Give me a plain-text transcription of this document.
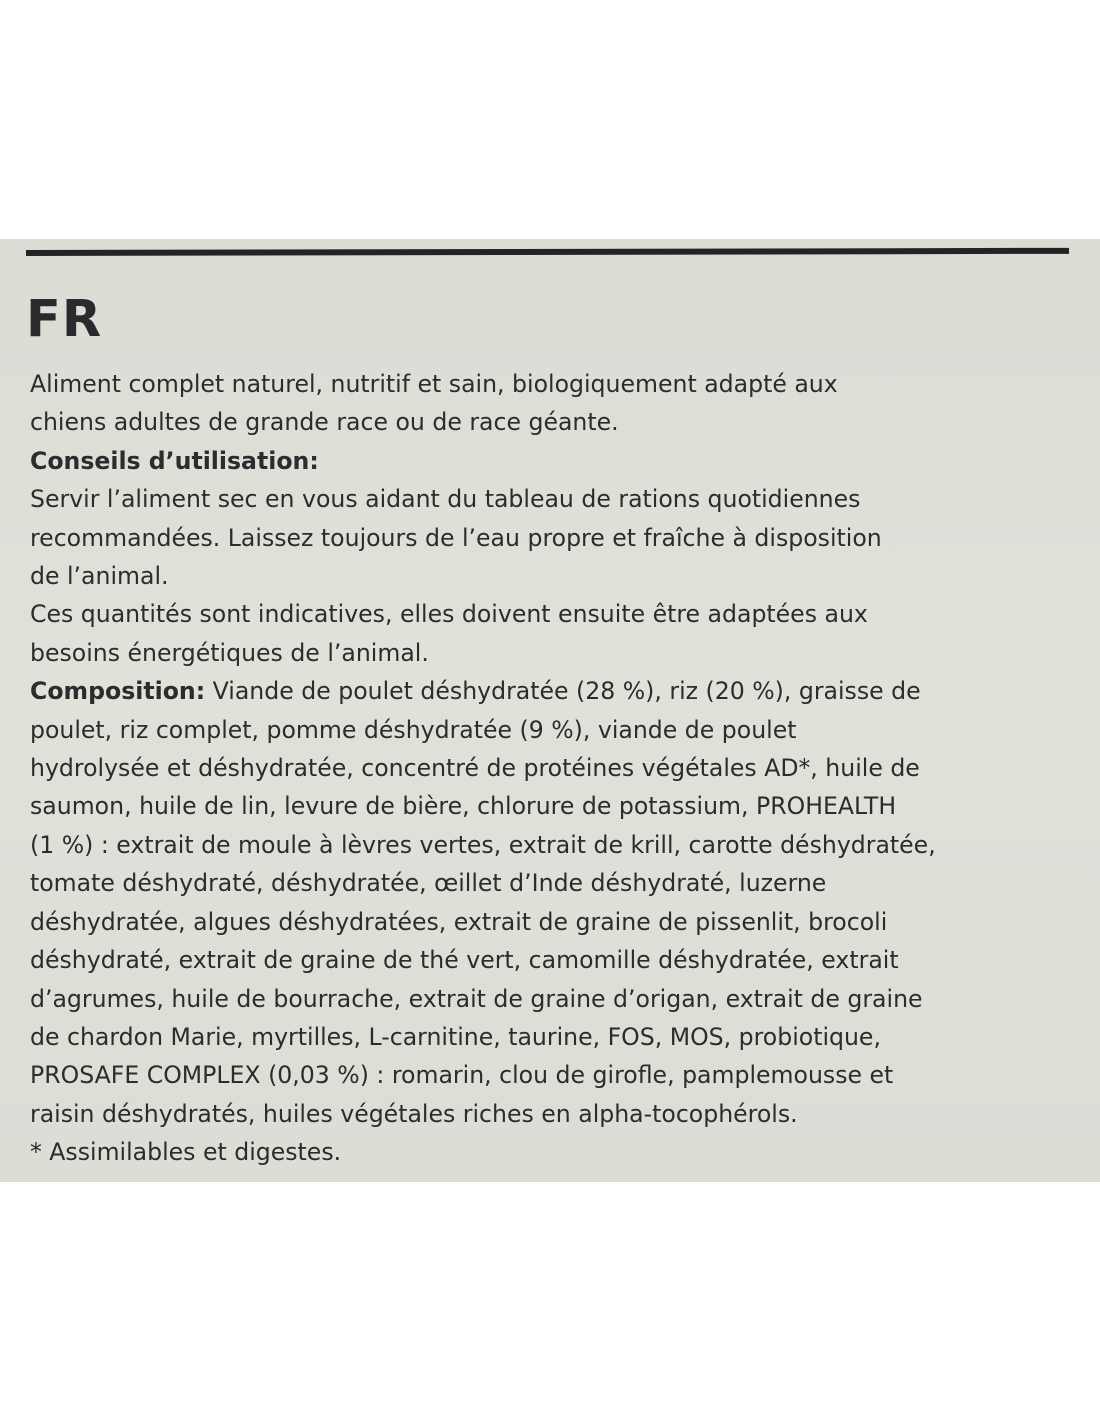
FR
Aliment complet naturel, nutritif et sain, biologiquement adapté aux
chiens adultes de grande race ou de race géante.
Conseils d’utilisation:
Servir l’aliment sec en vous aidant du tableau de rations quotidiennes
recommandées. Laissez toujours de l’eau propre et fraîche à disposition
de l’animal.
Ces quantités sont indicatives, elles doivent ensuite être adaptées aux
besoins énergétiques de l’animal.
Composition: Viande de poulet déshydratée (28 %), riz (20 %), graisse de
poulet, riz complet, pomme déshydratée (9 %), viande de poulet
hydrolysée et déshydratée, concentré de protéines végétales AD*, huile de
saumon, huile de lin, levure de bière, chlorure de potassium, PROHEALTH
(1 %) : extrait de moule à lèvres vertes, extrait de krill, carotte déshydratée,
tomate déshydraté, déshydratée, œillet d’Inde déshydraté, luzerne
déshydratée, algues déshydratées, extrait de graine de pissenlit, brocoli
déshydraté, extrait de graine de thé vert, camomille déshydratée, extrait
d’agrumes, huile de bourrache, extrait de graine d’origan, extrait de graine
de chardon Marie, myrtilles, L-carnitine, taurine, FOS, MOS, probiotique,
PROSAFE COMPLEX (0,03 %) : romarin, clou de girofle, pamplemousse et
raisin déshydratés, huiles végétales riches en alpha-tocophérols.
* Assimilables et digestes.
